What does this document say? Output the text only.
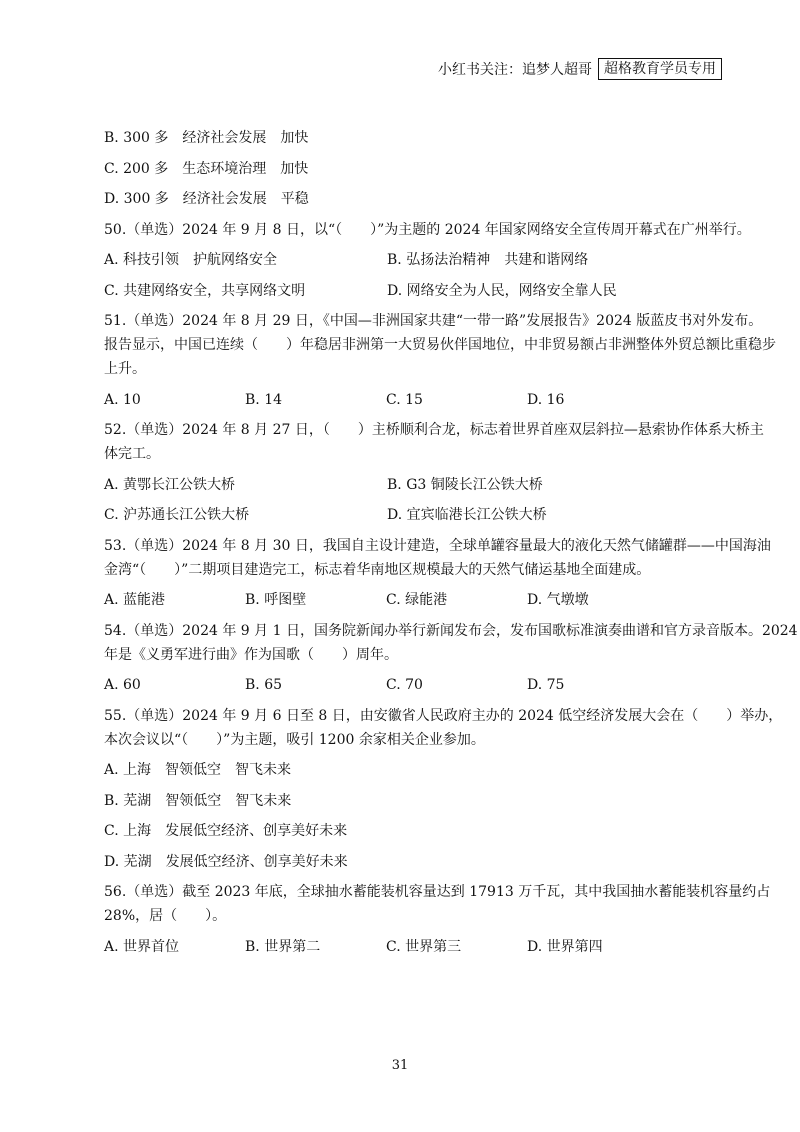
小红书关注：追梦人超哥 超格教育学员专用
B. 300 多　经济社会发展　加快
C. 200 多　生态环境治理　加快
D. 300 多　经济社会发展　平稳
50.（单选）2024 年 9 月 8 日，以“（　　）”为主题的 2024 年国家网络安全宣传周开幕式在广州举行。
A. 科技引领　护航网络安全	B. 弘扬法治精神　共建和谐网络
C. 共建网络安全，共享网络文明	D. 网络安全为人民，网络安全靠人民
51.（单选）2024 年 8 月 29 日，《中国—非洲国家共建“一带一路”发展报告》2024 版蓝皮书对外发布。
报告显示，中国已连续（　　）年稳居非洲第一大贸易伙伴国地位，中非贸易额占非洲整体外贸总额比重稳步
上升。
A. 10	B. 14	C. 15	D. 16
52.（单选）2024 年 8 月 27 日，（　　）主桥顺利合龙，标志着世界首座双层斜拉—悬索协作体系大桥主
体完工。
A. 黄鄂长江公铁大桥	B. G3 铜陵长江公铁大桥
C. 沪苏通长江公铁大桥	D. 宜宾临港长江公铁大桥
53.（单选）2024 年 8 月 30 日，我国自主设计建造，全球单罐容量最大的液化天然气储罐群——中国海油
金湾“（　　）”二期项目建造完工，标志着华南地区规模最大的天然气储运基地全面建成。
A. 蓝能港	B. 呼图壁	C. 绿能港	D. 气墩墩
54.（单选）2024 年 9 月 1 日，国务院新闻办举行新闻发布会，发布国歌标准演奏曲谱和官方录音版本。2024
年是《义勇军进行曲》作为国歌（　　）周年。
A. 60	B. 65	C. 70	D. 75
55.（单选）2024 年 9 月 6 日至 8 日，由安徽省人民政府主办的 2024 低空经济发展大会在（　　）举办，
本次会议以“（　　）”为主题，吸引 1200 余家相关企业参加。
A. 上海　智领低空　智飞未来
B. 芜湖　智领低空　智飞未来
C. 上海　发展低空经济、创享美好未来
D. 芜湖　发展低空经济、创享美好未来
56.（单选）截至 2023 年底，全球抽水蓄能装机容量达到 17913 万千瓦，其中我国抽水蓄能装机容量约占
28%，居（　　）。
A. 世界首位	B. 世界第二	C. 世界第三	D. 世界第四
31
